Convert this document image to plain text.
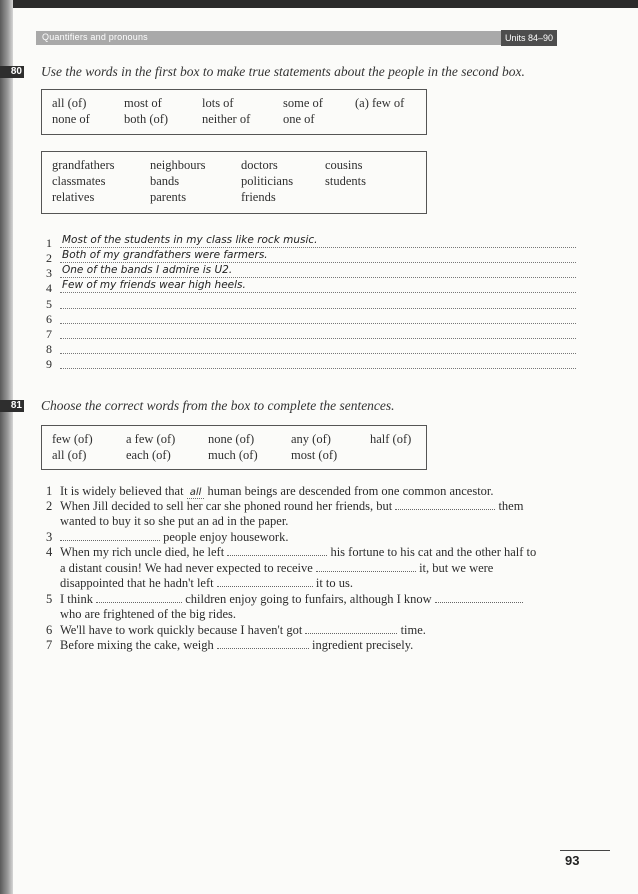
Quantifiers and pronouns	Units 84–90
80 Use the words in the first box to make true statements about the people in the second box.
all (of)	most of	lots of	some of	(a) few of
none of	both (of)	neither of	one of
grandfathers	neighbours	doctors	cousins
classmates	bands	politicians	students
relatives	parents	friends
1 Most of the students in my class like rock music.
2 Both of my grandfathers were farmers.
3 One of the bands I admire is U2.
4 Few of my friends wear high heels.
5
6
7
8
9
81 Choose the correct words from the box to complete the sentences.
few (of)	a few (of)	none (of)	any (of)	half (of)
all (of)	each (of)	much (of)	most (of)
1 It is widely believed that all human beings are descended from one common ancestor.
2 When Jill decided to sell her car she phoned round her friends, but	them
wanted to buy it so she put an ad in the paper.
3	people enjoy housework.
4 When my rich uncle died, he left	his fortune to his cat and the other half to
a distant cousin! We had never expected to receive	it, but we were
disappointed that he hadn't left	it to us.
5 I think	children enjoy going to funfairs, although I know
who are frightened of the big rides.
6 We'll have to work quickly because I haven't got	time.
7 Before mixing the cake, weigh	ingredient precisely.
93
